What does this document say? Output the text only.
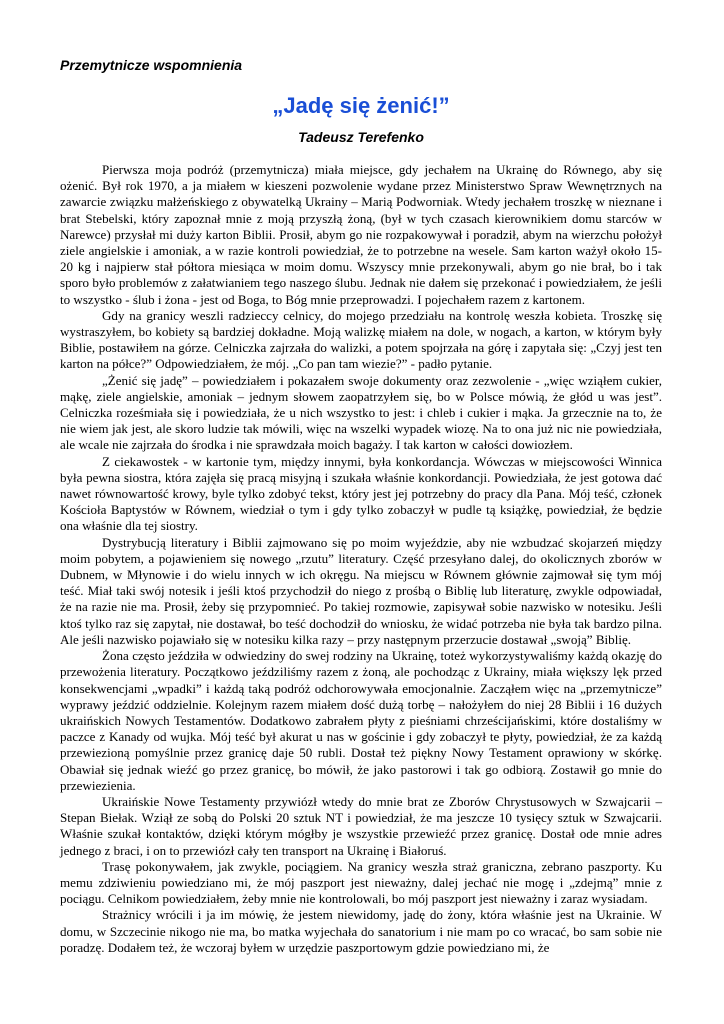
Przemytnicze wspomnienia

„Jadę się żenić!”

Tadeusz Terefenko

Pierwsza moja podróż (przemytnicza) miała miejsce, gdy jechałem na Ukrainę do Równego, aby się ożenić. Był rok 1970, a ja miałem w kieszeni pozwolenie wydane przez Ministerstwo Spraw Wewnętrznych na zawarcie związku małżeńskiego z obywatelką Ukrainy – Marią Podworniak. Wtedy jechałem troszkę w nieznane i brat Stebelski, który zapoznał mnie z moją przyszłą żoną, (był w tych czasach kierownikiem domu starców w Narewce) przysłał mi duży karton Biblii. Prosił, abym go nie rozpakowywał i poradził, abym na wierzchu położył ziele angielskie i amoniak, a w razie kontroli powiedział, że to potrzebne na wesele. Sam karton ważył około 15-20 kg i najpierw stał półtora miesiąca w moim domu. Wszyscy mnie przekonywali, abym go nie brał, bo i tak sporo było problemów z załatwianiem tego naszego ślubu. Jednak nie dałem się przekonać i powiedziałem, że jeśli to wszystko - ślub i żona - jest od Boga, to Bóg mnie przeprowadzi. I pojechałem razem z kartonem.

Gdy na granicy weszli radzieccy celnicy, do mojego przedziału na kontrolę weszła kobieta. Troszkę się wystraszyłem, bo kobiety są bardziej dokładne. Moją walizkę miałem na dole, w nogach, a karton, w którym były Biblie, postawiłem na górze. Celniczka zajrzała do walizki, a potem spojrzała na górę i zapytała się: „Czyj jest ten karton na półce?” Odpowiedziałem, że mój. „Co pan tam wiezie?” - padło pytanie.

„Żenić się jadę” – powiedziałem i pokazałem swoje dokumenty oraz zezwolenie - „więc wziąłem cukier, mąkę, ziele angielskie, amoniak – jednym słowem zaopatrzyłem się, bo w Polsce mówią, że głód u was jest”. Celniczka roześmiała się i powiedziała, że u nich wszystko to jest: i chleb i cukier i mąka. Ja grzecznie na to, że nie wiem jak jest, ale skoro ludzie tak mówili, więc na wszelki wypadek wiozę. Na to ona już nic nie powiedziała, ale wcale nie zajrzała do środka i nie sprawdzała moich bagaży. I tak karton w całości dowiozłem.

Z ciekawostek - w kartonie tym, między innymi, była konkordancja. Wówczas w miejscowości Winnica była pewna siostra, która zajęła się pracą misyjną i szukała właśnie konkordancji. Powiedziała, że jest gotowa dać nawet równowartość krowy, byle tylko zdobyć tekst, który jest jej potrzebny do pracy dla Pana. Mój teść, członek Kościoła Baptystów w Równem, wiedział o tym i gdy tylko zobaczył w pudle tą książkę, powiedział, że będzie ona właśnie dla tej siostry.

Dystrybucją literatury i Biblii zajmowano się po moim wyjeździe, aby nie wzbudzać skojarzeń między moim pobytem, a pojawieniem się nowego „rzutu” literatury. Część przesyłano dalej, do okolicznych zborów w Dubnem, w Młynowie i do wielu innych w ich okręgu. Na miejscu w Równem głównie zajmował się tym mój teść. Miał taki swój notesik i jeśli ktoś przychodził do niego z prośbą o Biblię lub literaturę, zwykle odpowiadał, że na razie nie ma. Prosił, żeby się przypomnieć. Po takiej rozmowie, zapisywał sobie nazwisko w notesiku. Jeśli ktoś tylko raz się zapytał, nie dostawał, bo teść dochodził do wniosku, że widać potrzeba nie była tak bardzo pilna. Ale jeśli nazwisko pojawiało się w notesiku kilka razy – przy następnym przerzucie dostawał „swoją” Biblię.

Żona często jeździła w odwiedziny do swej rodziny na Ukrainę, toteż wykorzystywaliśmy każdą okazję do przewożenia literatury. Początkowo jeździliśmy razem z żoną, ale pochodząc z Ukrainy, miała większy lęk przed konsekwencjami „wpadki” i każdą taką podróż odchorowywała emocjonalnie. Zacząłem więc na „przemytnicze” wyprawy jeździć oddzielnie. Kolejnym razem miałem dość dużą torbę – nałożyłem do niej 28 Biblii i 16 dużych ukraińskich Nowych Testamentów. Dodatkowo zabrałem płyty z pieśniami chrześcijańskimi, które dostaliśmy w paczce z Kanady od wujka. Mój teść był akurat u nas w gościnie i gdy zobaczył te płyty, powiedział, że za każdą przewiezioną pomyślnie przez granicę daje 50 rubli. Dostał też piękny Nowy Testament oprawiony w skórkę. Obawiał się jednak wieźć go przez granicę, bo mówił, że jako pastorowi i tak go odbiorą. Zostawił go mnie do przewiezienia.

Ukraińskie Nowe Testamenty przywiózł wtedy do mnie brat ze Zborów Chrystusowych w Szwajcarii – Stepan Biełak. Wziął ze sobą do Polski 20 sztuk NT i powiedział, że ma jeszcze 10 tysięcy sztuk w Szwajcarii. Właśnie szukał kontaktów, dzięki którym mógłby je wszystkie przewieźć przez granicę. Dostał ode mnie adres jednego z braci, i on to przewiózł cały ten transport na Ukrainę i Białoruś.

Trasę pokonywałem, jak zwykle, pociągiem. Na granicy weszła straż graniczna, zebrano paszporty. Ku memu zdziwieniu powiedziano mi, że mój paszport jest nieważny, dalej jechać nie mogę i „zdejmą” mnie z pociągu. Celnikom powiedziałem, żeby mnie nie kontrolowali, bo mój paszport jest nieważny i zaraz wysiadam.

Strażnicy wrócili i ja im mówię, że jestem niewidomy, jadę do żony, która właśnie jest na Ukrainie. W domu, w Szczecinie nikogo nie ma, bo matka wyjechała do sanatorium i nie mam po co wracać, bo sam sobie nie poradzę. Dodałem też, że wczoraj byłem w urzędzie paszportowym gdzie powiedziano mi, że
